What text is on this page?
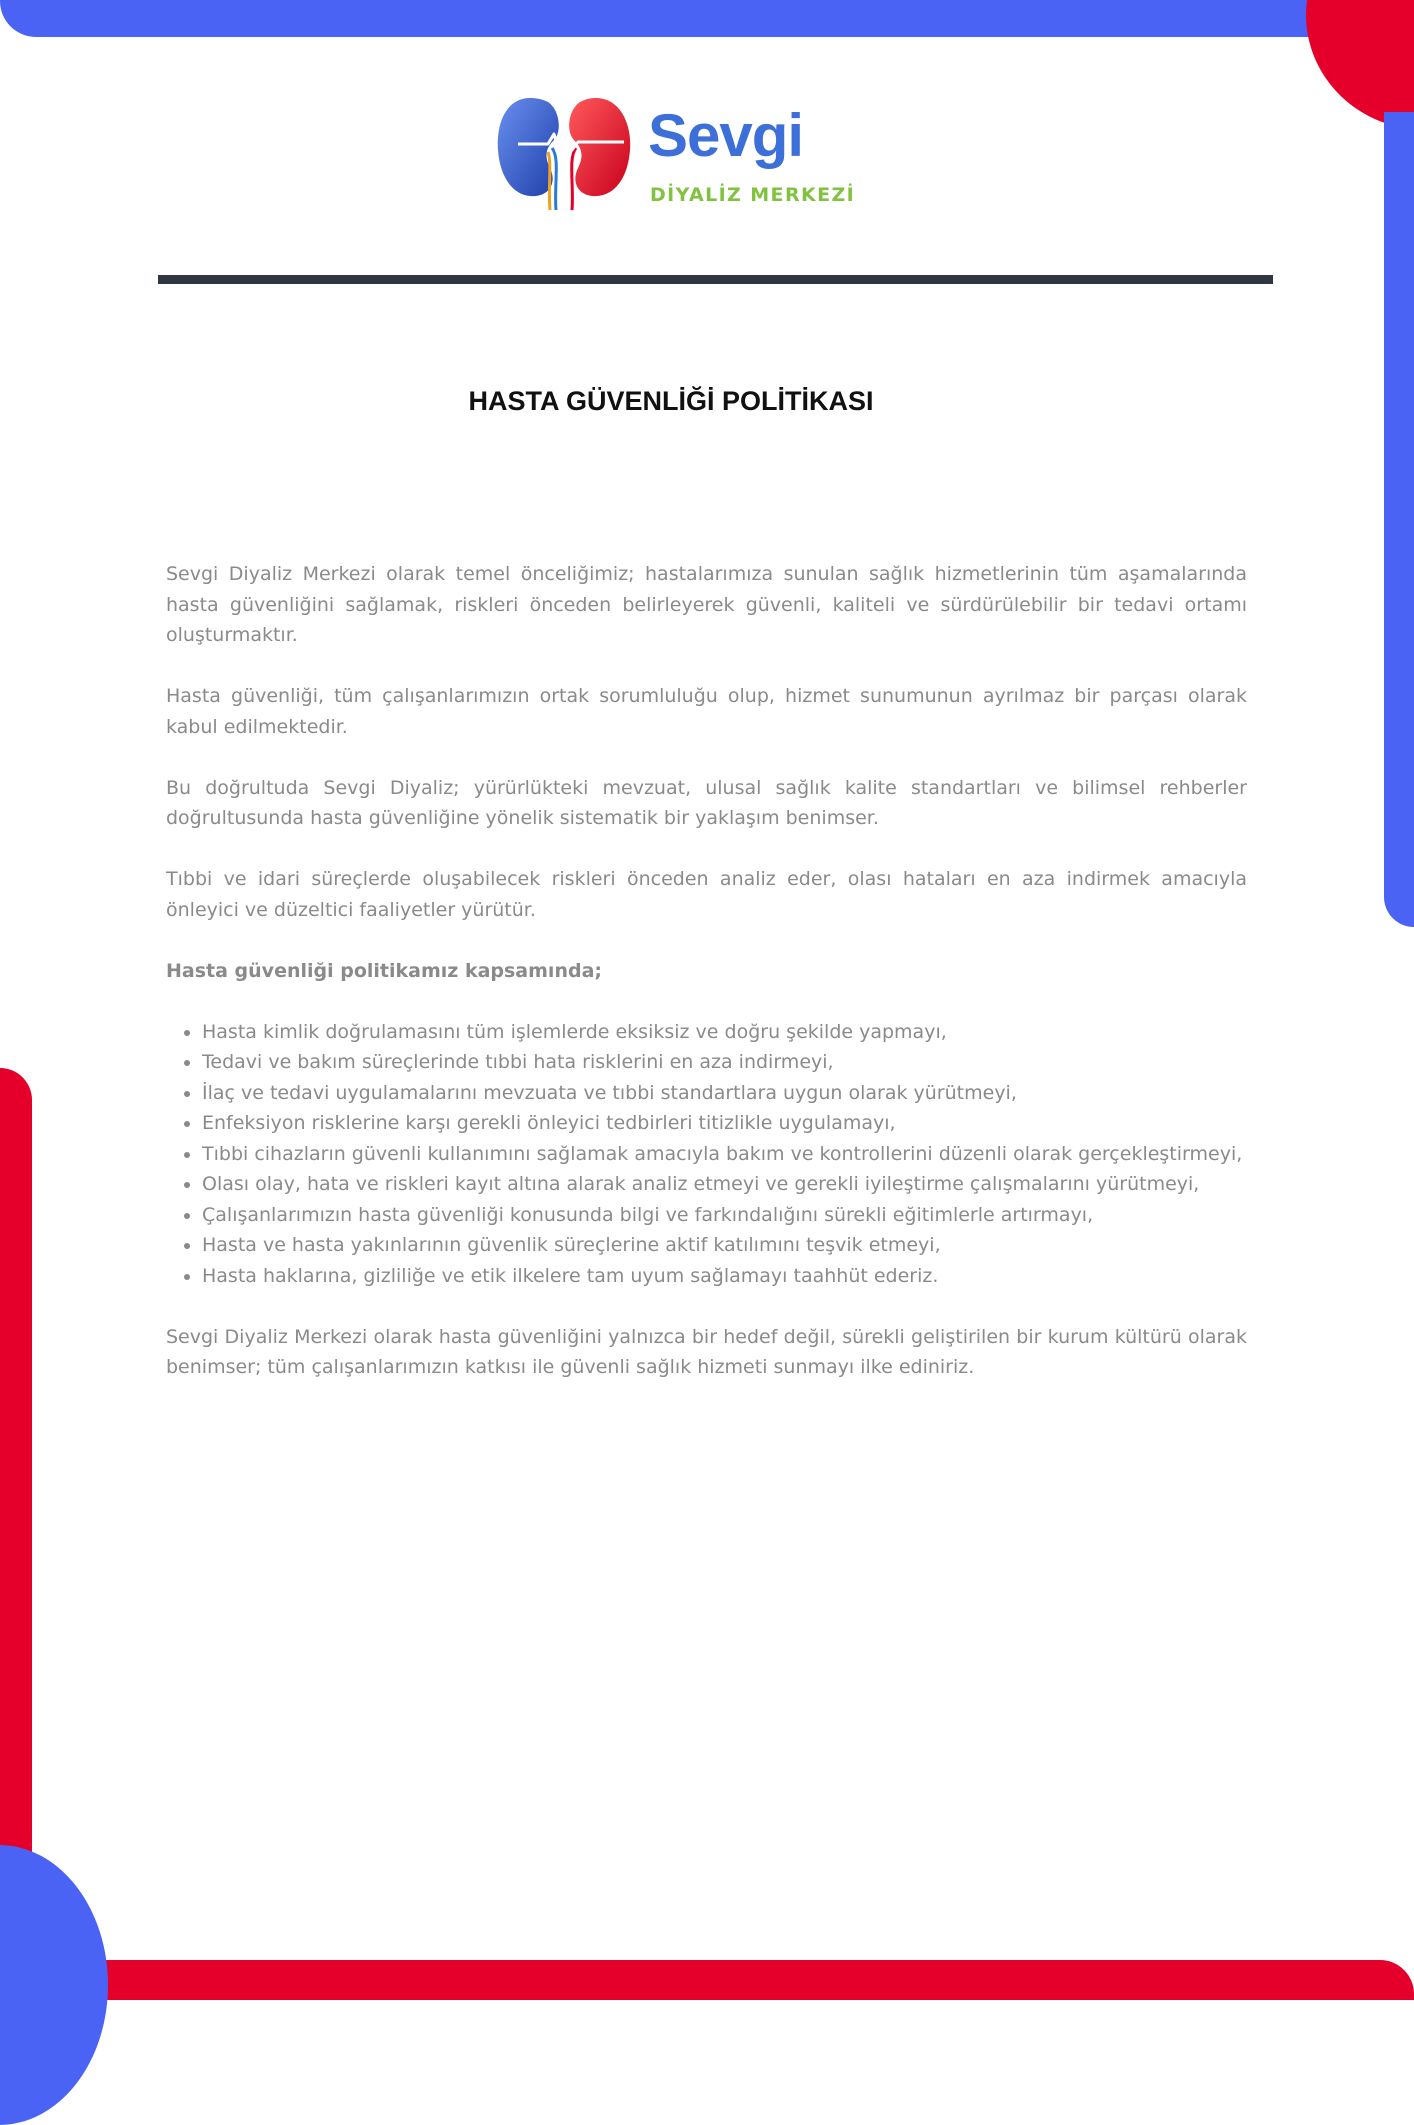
Sevgi
DİYALİZ MERKEZİ
HASTA GÜVENLİĞİ POLİTİKASI

Sevgi Diyaliz Merkezi olarak temel önceliğimiz; hastalarımıza sunulan sağlık hizmetlerinin tüm aşamalarında hasta güvenliğini sağlamak, riskleri önceden belirleyerek güvenli, kaliteli ve sürdürülebilir bir tedavi ortamı oluşturmaktır.

Hasta güvenliği, tüm çalışanlarımızın ortak sorumluluğu olup, hizmet sunumunun ayrılmaz bir parçası olarak kabul edilmektedir.

Bu doğrultuda Sevgi Diyaliz; yürürlükteki mevzuat, ulusal sağlık kalite standartları ve bilimsel rehberler doğrultusunda hasta güvenliğine yönelik sistematik bir yaklaşım benimser.

Tıbbi ve idari süreçlerde oluşabilecek riskleri önceden analiz eder, olası hataları en aza indirmek amacıyla önleyici ve düzeltici faaliyetler yürütür.

Hasta güvenliği politikamız kapsamında;

• Hasta kimlik doğrulamasını tüm işlemlerde eksiksiz ve doğru şekilde yapmayı,
• Tedavi ve bakım süreçlerinde tıbbi hata risklerini en aza indirmeyi,
• İlaç ve tedavi uygulamalarını mevzuata ve tıbbi standartlara uygun olarak yürütmeyi,
• Enfeksiyon risklerine karşı gerekli önleyici tedbirleri titizlikle uygulamayı,
• Tıbbi cihazların güvenli kullanımını sağlamak amacıyla bakım ve kontrollerini düzenli olarak gerçekleştirmeyi,
• Olası olay, hata ve riskleri kayıt altına alarak analiz etmeyi ve gerekli iyileştirme çalışmalarını yürütmeyi,
• Çalışanlarımızın hasta güvenliği konusunda bilgi ve farkındalığını sürekli eğitimlerle artırmayı,
• Hasta ve hasta yakınlarının güvenlik süreçlerine aktif katılımını teşvik etmeyi,
• Hasta haklarına, gizliliğe ve etik ilkelere tam uyum sağlamayı taahhüt ederiz.

Sevgi Diyaliz Merkezi olarak hasta güvenliğini yalnızca bir hedef değil, sürekli geliştirilen bir kurum kültürü olarak benimser; tüm çalışanlarımızın katkısı ile güvenli sağlık hizmeti sunmayı ilke ediniriz.
